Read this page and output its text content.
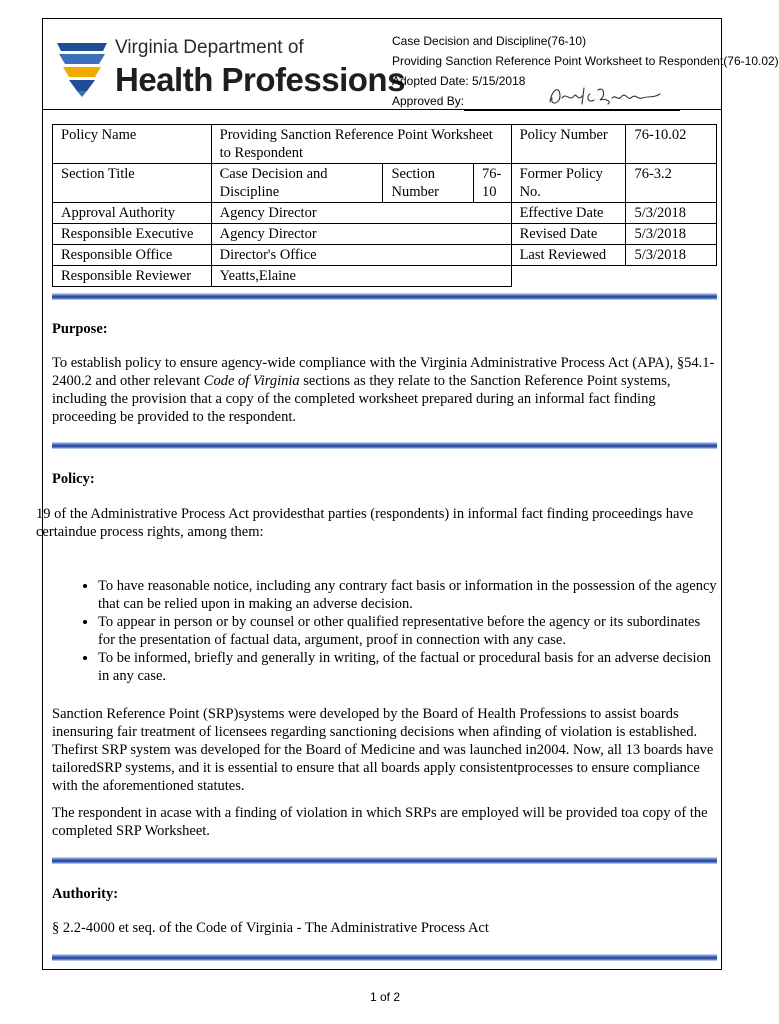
Virginia Department of
Health Professions
Case Decision and Discipline(76-10)
Providing Sanction Reference Point Worksheet to Respondent(76-10.02)
Adopted Date: 5/15/2018
Approved By:
Policy Name	Providing Sanction Reference Point Worksheet to Respondent			Policy Number	76-10.02
Section Title	Case Decision and Discipline	Section Number	76-10	Former Policy No.	76-3.2
Approval Authority	Agency Director			Effective Date	5/3/2018
Responsible Executive	Agency Director			Revised Date	5/3/2018
Responsible Office	Director's Office			Last Reviewed	5/3/2018
Responsible Reviewer	Yeatts,Elaine				
Purpose:
To establish policy to ensure agency-wide compliance with the Virginia Administrative Process Act (APA), §54.1-2400.2 and other relevant Code of Virginia sections as they relate to the Sanction Reference Point systems, including the provision that a copy of the completed worksheet prepared during an informal fact finding proceeding be provided to the respondent.
Policy:
19 of the Administrative Process Act providesthat parties (respondents) in informal fact finding proceedings have certaindue process rights, among them:
• To have reasonable notice, including any contrary fact basis or information in the possession of the agency that can be relied upon in making an adverse decision.
• To appear in person or by counsel or other qualified representative before the agency or its subordinates for the presentation of factual data, argument, proof in connection with any case.
• To be informed, briefly and generally in writing, of the factual or procedural basis for an adverse decision in any case.
Sanction Reference Point (SRP)systems were developed by the Board of Health Professions to assist boards inensuring fair treatment of licensees regarding sanctioning decisions when afinding of violation is established. Thefirst SRP system was developed for the Board of Medicine and was launched in2004. Now, all 13 boards have tailoredSRP systems, and it is essential to ensure that all boards apply consistentprocesses to ensure compliance with the aforementioned statutes.
The respondent in acase with a finding of violation in which SRPs are employed will be provided toa copy of the completed SRP Worksheet.
Authority:
§ 2.2-4000 et seq. of the Code of Virginia - The Administrative Process Act
1 of 2
